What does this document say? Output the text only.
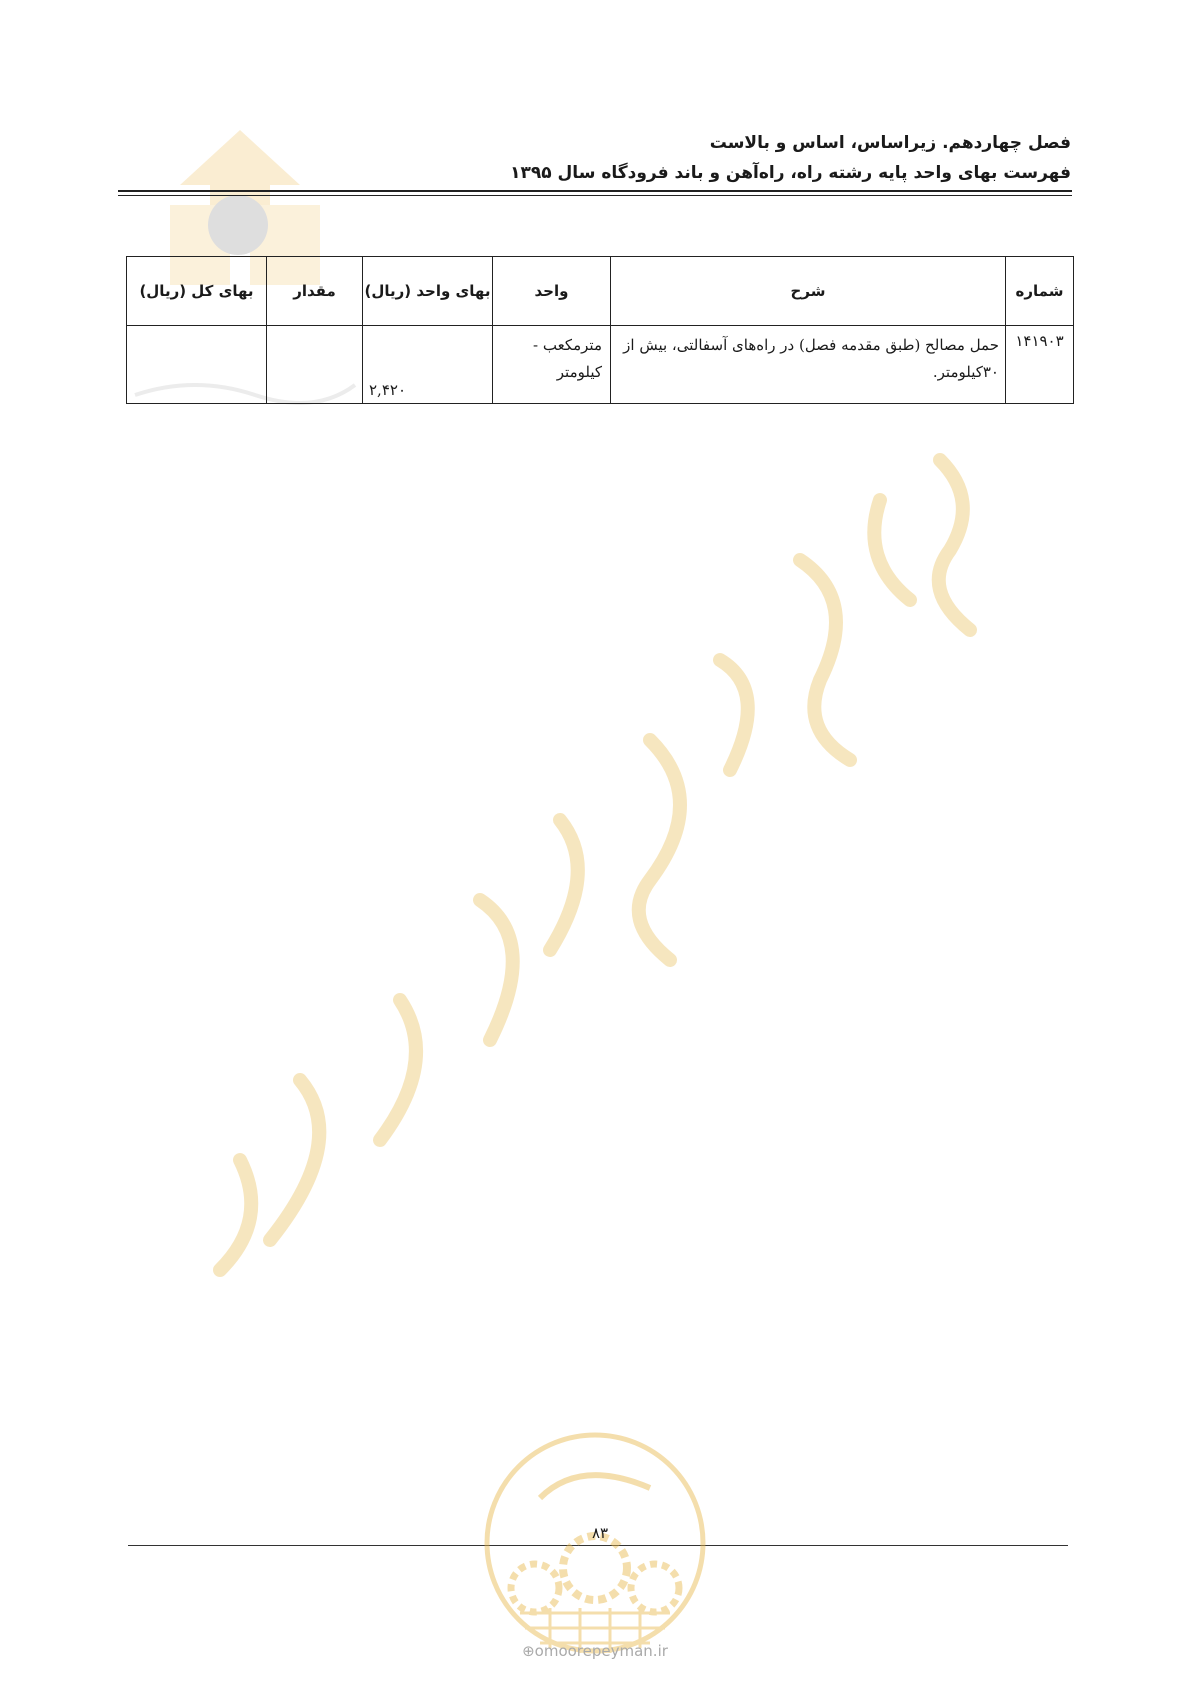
فصل چهاردهم. زیراساس، اساس و بالاست
فهرست بهای واحد پایه رشته راه، راه‌آهن و باند فرودگاه سال ۱۳۹۵
شماره	شرح	واحد	بهای واحد (ریال)	مقدار	بهای کل (ریال)
۱۴۱۹۰۳	حمل مصالح (طبق مقدمه فصل) در راه‌های آسفالتی، بیش از ۳۰کیلومتر.	مترمکعب - کیلومتر	۲,۴۲۰		
۸۳
⊕omoorepeyman.ir
